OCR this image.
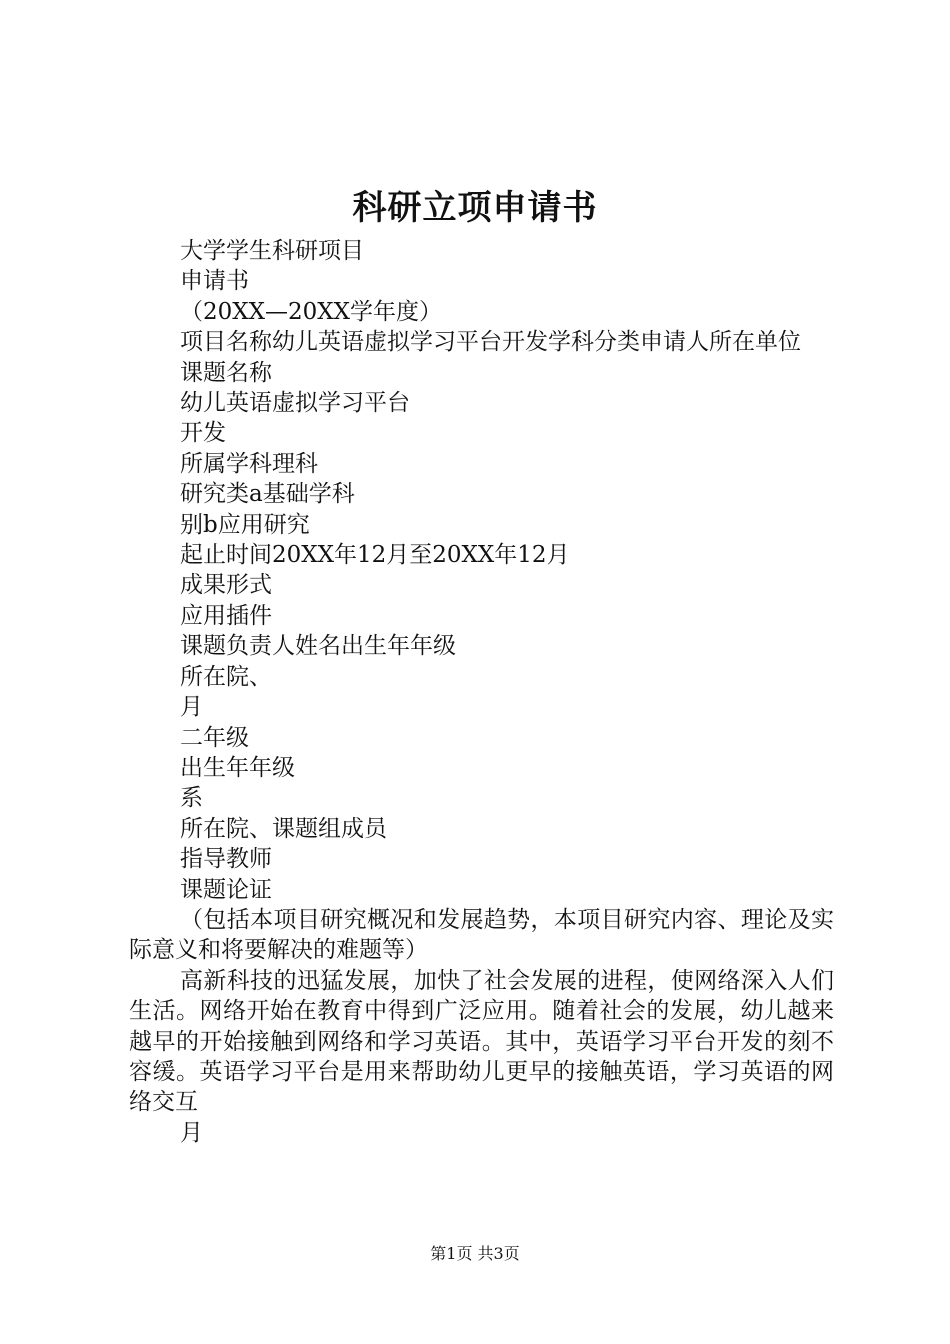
科研立项申请书

大学学生科研项目

申请书

（20XX—20XX学年度）

项目名称幼儿英语虚拟学习平台开发学科分类申请人所在单位

课题名称

幼儿英语虚拟学习平台

开发

所属学科理科

研究类a基础学科

别b应用研究

起止时间20XX年12月至20XX年12月

成果形式

应用插件

课题负责人姓名出生年年级

所在院、

月

二年级

出生年年级

系

所在院、课题组成员

指导教师

课题论证

（包括本项目研究概况和发展趋势，本项目研究内容、理论及实际意义和将要解决的难题等）

高新科技的迅猛发展，加快了社会发展的进程，使网络深入人们生活。网络开始在教育中得到广泛应用。随着社会的发展，幼儿越来越早的开始接触到网络和学习英语。其中，英语学习平台开发的刻不容缓。英语学习平台是用来帮助幼儿更早的接触英语，学习英语的网络交互

月

第1页 共3页
